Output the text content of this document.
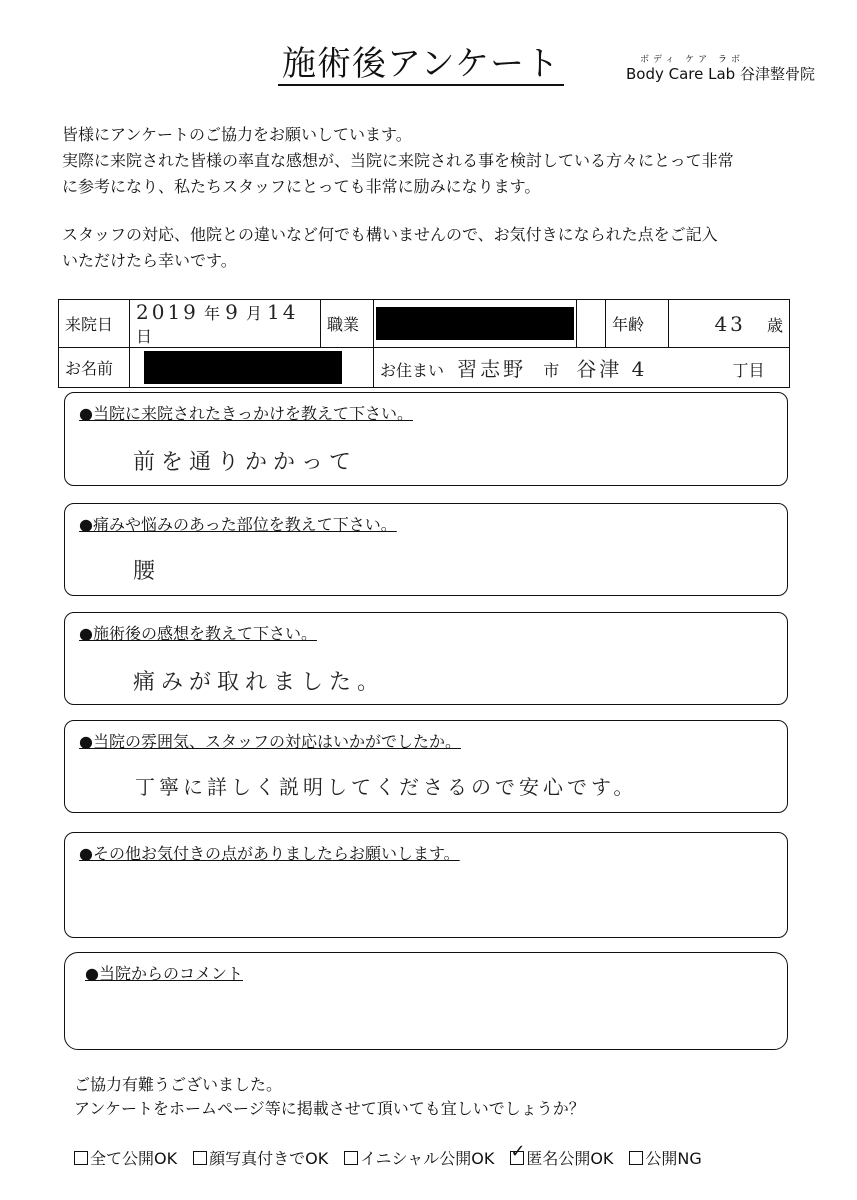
施術後アンケート	ボディ ケア ラボ
Body Care Lab 谷津整骨院
皆様にアンケートのご協力をお願いしています。
実際に来院された皆様の率直な感想が、当院に来院される事を検討している方々にとって非常
に参考になり、私たちスタッフにとっても非常に励みになります。
スタッフの対応、他院との違いなど何でも構いませんので、お気付きになられた点をご記入
いただけたら幸いです。
来院日	2019 年 9 月 14 日	職業			年齢	43 歳
お名前			お住まい 習志野 市 谷津 4 丁目			
●当院に来院されたきっかけを教えて下さい。
前を通りかかって
●痛みや悩みのあった部位を教えて下さい。
腰
●施術後の感想を教えて下さい。
痛みが取れました。
●当院の雰囲気、スタッフの対応はいかがでしたか。
丁寧に詳しく説明してくださるので安心です。
●その他お気付きの点がありましたらお願いします。
●当院からのコメント
ご協力有難うございました。
アンケートをホームページ等に掲載させて頂いても宜しいでしょうか？
全て公開OK 顔写真付きでOK イニシャル公開OK ✓ 匿名公開OK 公開NG
